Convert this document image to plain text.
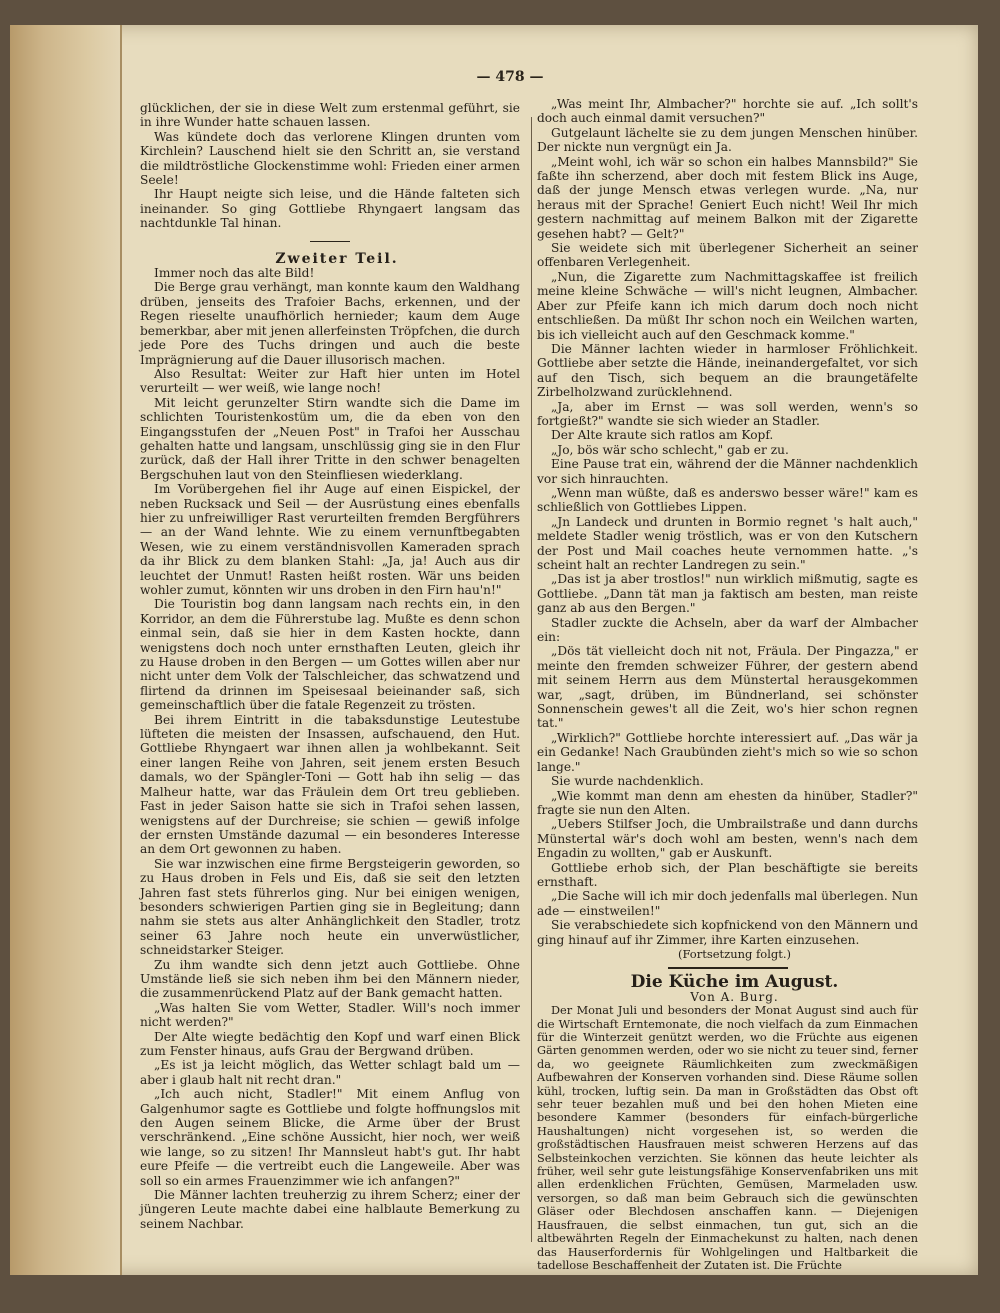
— 478 —

glücklichen, der sie in diese Welt zum erstenmal geführt, sie in ihre Wunder hatte schauen lassen.

Was kündete doch das verlorene Klingen drunten vom Kirchlein? Lauschend hielt sie den Schritt an, sie verstand die mildtröstliche Glockenstimme wohl: Frieden einer armen Seele!

Ihr Haupt neigte sich leise, und die Hände falteten sich ineinander. So ging Gottliebe Rhyngaert langsam das nachtdunkle Tal hinan.

Zweiter Teil.

Immer noch das alte Bild!

Die Berge grau verhängt, man konnte kaum den Waldhang drüben, jenseits des Trafoier Bachs, erkennen, und der Regen rieselte unaufhörlich hernieder; kaum dem Auge bemerkbar, aber mit jenen allerfeinsten Tröpfchen, die durch jede Pore des Tuchs dringen und auch die beste Imprägnierung auf die Dauer illusorisch machen.

Also Resultat: Weiter zur Haft hier unten im Hotel verurteilt — wer weiß, wie lange noch!

Mit leicht gerunzelter Stirn wandte sich die Dame im schlichten Touristenkostüm um, die da eben von den Eingangsstufen der „Neuen Post" in Trafoi her Ausschau gehalten hatte und langsam, unschlüssig ging sie in den Flur zurück, daß der Hall ihrer Tritte in den schwer benagelten Bergschuhen laut von den Steinfliesen wiederklang.

Im Vorübergehen fiel ihr Auge auf einen Eispickel, der neben Rucksack und Seil — der Ausrüstung eines ebenfalls hier zu unfreiwilliger Rast verurteilten fremden Bergführers — an der Wand lehnte. Wie zu einem vernunftbegabten Wesen, wie zu einem verständnisvollen Kameraden sprach da ihr Blick zu dem blanken Stahl: „Ja, ja! Auch aus dir leuchtet der Unmut! Rasten heißt rosten. Wär uns beiden wohler zumut, könnten wir uns droben in den Firn hau'n!"

Die Touristin bog dann langsam nach rechts ein, in den Korridor, an dem die Führerstube lag. Mußte es denn schon einmal sein, daß sie hier in dem Kasten hockte, dann wenigstens doch noch unter ernsthaften Leuten, gleich ihr zu Hause droben in den Bergen — um Gottes willen aber nur nicht unter dem Volk der Talschleicher, das schwatzend und flirtend da drinnen im Speisesaal beieinander saß, sich gemeinschaftlich über die fatale Regenzeit zu trösten.

Bei ihrem Eintritt in die tabaksdunstige Leutestube lüfteten die meisten der Insassen, aufschauend, den Hut. Gottliebe Rhyngaert war ihnen allen ja wohlbekannt. Seit einer langen Reihe von Jahren, seit jenem ersten Besuch damals, wo der Spängler-Toni — Gott hab ihn selig — das Malheur hatte, war das Fräulein dem Ort treu geblieben. Fast in jeder Saison hatte sie sich in Trafoi sehen lassen, wenigstens auf der Durchreise; sie schien — gewiß infolge der ernsten Umstände dazumal — ein besonderes Interesse an dem Ort gewonnen zu haben.

Sie war inzwischen eine firme Bergsteigerin geworden, so zu Haus droben in Fels und Eis, daß sie seit den letzten Jahren fast stets führerlos ging. Nur bei einigen wenigen, besonders schwierigen Partien ging sie in Begleitung; dann nahm sie stets aus alter Anhänglichkeit den Stadler, trotz seiner 63 Jahre noch heute ein unverwüstlicher, schneidstarker Steiger.

Zu ihm wandte sich denn jetzt auch Gottliebe. Ohne Umstände ließ sie sich neben ihm bei den Männern nieder, die zusammenrückend Platz auf der Bank gemacht hatten.

„Was halten Sie vom Wetter, Stadler. Will's noch immer nicht werden?"

Der Alte wiegte bedächtig den Kopf und warf einen Blick zum Fenster hinaus, aufs Grau der Bergwand drüben.

„Es ist ja leicht möglich, das Wetter schlagt bald um — aber i glaub halt nit recht dran."

„Ich auch nicht, Stadler!" Mit einem Anflug von Galgenhumor sagte es Gottliebe und folgte hoffnungslos mit den Augen seinem Blicke, die Arme über der Brust verschränkend. „Eine schöne Aussicht, hier noch, wer weiß wie lange, so zu sitzen! Ihr Mannsleut habt's gut. Ihr habt eure Pfeife — die vertreibt euch die Langeweile. Aber was soll so ein armes Frauenzimmer wie ich anfangen?"

Die Männer lachten treuherzig zu ihrem Scherz; einer der jüngeren Leute machte dabei eine halblaute Bemerkung zu seinem Nachbar.

„Was meint Ihr, Almbacher?" horchte sie auf. „Ich sollt's doch auch einmal damit versuchen?"

Gutgelaunt lächelte sie zu dem jungen Menschen hinüber. Der nickte nun vergnügt ein Ja.

„Meint wohl, ich wär so schon ein halbes Mannsbild?" Sie faßte ihn scherzend, aber doch mit festem Blick ins Auge, daß der junge Mensch etwas verlegen wurde. „Na, nur heraus mit der Sprache! Geniert Euch nicht! Weil Ihr mich gestern nachmittag auf meinem Balkon mit der Zigarette gesehen habt? — Gelt?"

Sie weidete sich mit überlegener Sicherheit an seiner offenbaren Verlegenheit.

„Nun, die Zigarette zum Nachmittagskaffee ist freilich meine kleine Schwäche — will's nicht leugnen, Almbacher. Aber zur Pfeife kann ich mich darum doch noch nicht entschließen. Da müßt Ihr schon noch ein Weilchen warten, bis ich vielleicht auch auf den Geschmack komme."

Die Männer lachten wieder in harmloser Fröhlichkeit. Gottliebe aber setzte die Hände, ineinandergefaltet, vor sich auf den Tisch, sich bequem an die braungetäfelte Zirbelholzwand zurücklehnend.

„Ja, aber im Ernst — was soll werden, wenn's so fortgießt?" wandte sie sich wieder an Stadler.

Der Alte kraute sich ratlos am Kopf.

„Jo, bös wär scho schlecht," gab er zu.

Eine Pause trat ein, während der die Männer nachdenklich vor sich hinrauchten.

„Wenn man wüßte, daß es anderswo besser wäre!" kam es schließlich von Gottliebes Lippen.

„Jn Landeck und drunten in Bormio regnet 's halt auch," meldete Stadler wenig tröstlich, was er von den Kutschern der Post und Mail coaches heute vernommen hatte. „'s scheint halt an rechter Landregen zu sein."

„Das ist ja aber trostlos!" nun wirklich mißmutig, sagte es Gottliebe. „Dann tät man ja faktisch am besten, man reiste ganz ab aus den Bergen."

Stadler zuckte die Achseln, aber da warf der Almbacher ein:

„Dös tät vielleicht doch nit not, Fräula. Der Pingazza," er meinte den fremden schweizer Führer, der gestern abend mit seinem Herrn aus dem Münstertal herausgekommen war, „sagt, drüben, im Bündnerland, sei schönster Sonnenschein gewes't all die Zeit, wo's hier schon regnen tat."

„Wirklich?" Gottliebe horchte interessiert auf. „Das wär ja ein Gedanke! Nach Graubünden zieht's mich so wie so schon lange."

Sie wurde nachdenklich.

„Wie kommt man denn am ehesten da hinüber, Stadler?" fragte sie nun den Alten.

„Uebers Stilfser Joch, die Umbrailstraße und dann durchs Münstertal wär's doch wohl am besten, wenn's nach dem Engadin zu wollten," gab er Auskunft.

Gottliebe erhob sich, der Plan beschäftigte sie bereits ernsthaft.

„Die Sache will ich mir doch jedenfalls mal überlegen. Nun ade — einstweilen!"

Sie verabschiedete sich kopfnickend von den Männern und ging hinauf auf ihr Zimmer, ihre Karten einzusehen.

(Fortsetzung folgt.)

Die Küche im August.

Von A. Burg.

Der Monat Juli und besonders der Monat August sind auch für die Wirtschaft Erntemonate, die noch vielfach da zum Einmachen für die Winterzeit genützt werden, wo die Früchte aus eigenen Gärten genommen werden, oder wo sie nicht zu teuer sind, ferner da, wo geeignete Räumlichkeiten zum zweckmäßigen Aufbewahren der Konserven vorhanden sind. Diese Räume sollen kühl, trocken, luftig sein. Da man in Großstädten das Obst oft sehr teuer bezahlen muß und bei den hohen Mieten eine besondere Kammer (besonders für einfach-bürgerliche Haushaltungen) nicht vorgesehen ist, so werden die großstädtischen Hausfrauen meist schweren Herzens auf das Selbsteinkochen verzichten. Sie können das heute leichter als früher, weil sehr gute leistungsfähige Konservenfabriken uns mit allen erdenklichen Früchten, Gemüsen, Marmeladen usw. versorgen, so daß man beim Gebrauch sich die gewünschten Gläser oder Blechdosen anschaffen kann. — Diejenigen Hausfrauen, die selbst einmachen, tun gut, sich an die altbewährten Regeln der Einmachekunst zu halten, nach denen das Hauserfordernis für Wohlgelingen und Haltbarkeit die tadellose Beschaffenheit der Zutaten ist. Die Früchte
